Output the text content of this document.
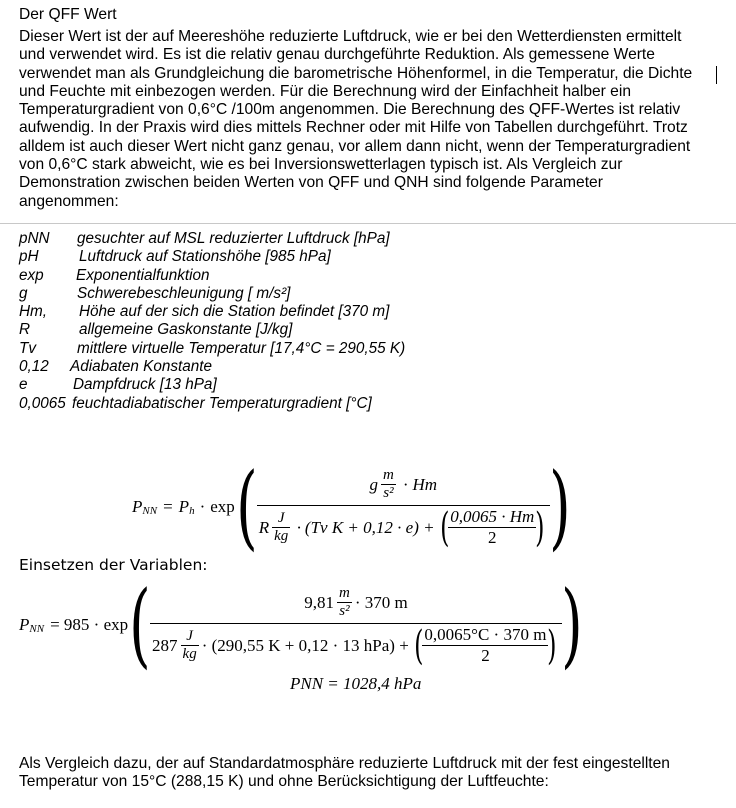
Der QFF Wert
Dieser Wert ist der auf Meereshöhe reduzierte Luftdruck, wie er bei den Wetterdiensten ermittelt
und verwendet wird. Es ist die relativ genau durchgeführte Reduktion. Als gemessene Werte
verwendet man als Grundgleichung die barometrische Höhenformel, in die Temperatur, die Dichte
und Feuchte mit einbezogen werden. Für die Berechnung wird der Einfachheit halber ein
Temperaturgradient von 0,6°C /100m angenommen. Die Berechnung des QFF-Wertes ist relativ
aufwendig. In der Praxis wird dies mittels Rechner oder mit Hilfe von Tabellen durchgeführt. Trotz
alldem ist auch dieser Wert nicht ganz genau, vor allem dann nicht, wenn der Temperaturgradient
von 0,6°C stark abweicht, wie es bei Inversionswetterlagen typisch ist. Als Vergleich zur
Demonstration zwischen beiden Werten von QFF und QNH sind folgende Parameter
angenommen:
pNN gesuchter auf MSL reduzierter Luftdruck [hPa]
pH	Luftdruck auf Stationshöhe [985 hPa]
exp Exponentialfunktion
g	Schwerebeschleunigung [ m/s²]
Hm, Höhe auf der sich die Station befindet [370 m]
R	allgemeine Gaskonstante [J/kg]
Tv	mittlere virtuelle Temperatur [17,4°C = 290,55 K)
0,12 Adiabaten Konstante
e	Dampfdruck [13 hPa]
0,0065 feuchtadiabatischer Temperaturgradient [°C]
P NN = P h · exp (	g $\frac{m}{\text{s²}} \cdot Hm$
R $\frac{J}{kg} \cdot (Tv$ K + 0,12 · e) + ( $\frac{0,0065 \cdot Hm}{2}$ ) )
Einsetzen der Variablen:
P NN = 985 · exp (	$9,81 \frac{m}{\text{s²}} \cdot 370$ m
$287 \frac{J}{kg} \cdot (290,55$ K + 0,12 · 13 hPa) + ( $\frac{0,0065^\circ C \cdot 370 m}{2}$ ) )
PNN = 1028,4 hPa
Als Vergleich dazu, der auf Standardatmosphäre reduzierte Luftdruck mit der fest eingestellten
Temperatur von 15°C (288,15 K) und ohne Berücksichtigung der Luftfeuchte:
